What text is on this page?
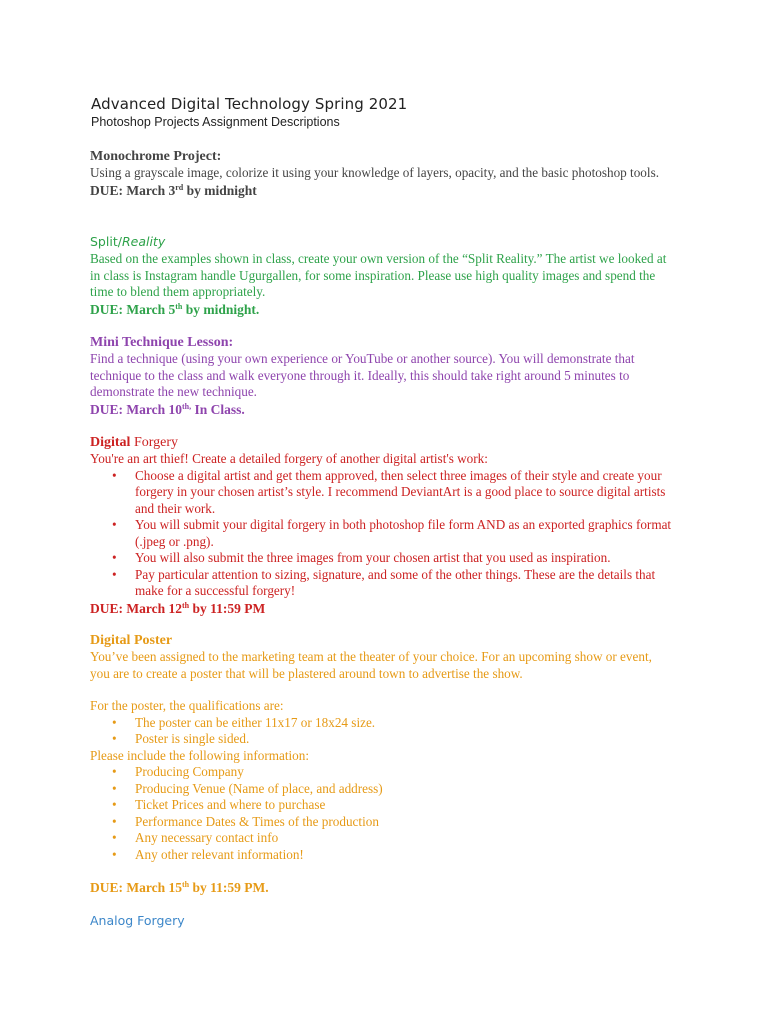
Advanced Digital Technology Spring 2021
Photoshop Projects Assignment Descriptions
Monochrome Project:

Using a grayscale image, colorize it using your knowledge of layers, opacity, and the basic photoshop tools.

DUE: March 3rd by midnight
Split/Reality

Based on the examples shown in class, create your own version of the “Split Reality.” The artist we looked at in class is Instagram handle Ugurgallen, for some inspiration. Please use high quality images and spend the time to blend them appropriately.

DUE: March 5th by midnight.
Mini Technique Lesson:

Find a technique (using your own experience or YouTube or another source). You will demonstrate that technique to the class and walk everyone through it. Ideally, this should take right around 5 minutes to demonstrate the new technique.

DUE: March $10^{th,}$ In Class.
Digital Forgery

You're an art thief! Create a detailed forgery of another digital artist's work:

• Choose a digital artist and get them approved, then select three images of their style and create your forgery in your chosen artist’s style. I recommend DeviantArt is a good place to source digital artists and their work.
• You will submit your digital forgery in both photoshop file form AND as an exported graphics format (.jpeg or .png).
• You will also submit the three images from your chosen artist that you used as inspiration.
• Pay particular attention to sizing, signature, and some of the other things. These are the details that make for a successful forgery!
DUE: March 12th by 11:59 PM
Digital Poster

You’ve been assigned to the marketing team at the theater of your choice. For an upcoming show or event, you are to create a poster that will be plastered around town to advertise the show.

For the poster, the qualifications are:

• The poster can be either 11x17 or 18x24 size.
• Poster is single sided.

Please include the following information:

• Producing Company
• Producing Venue (Name of place, and address)
• Ticket Prices and where to purchase
• Performance Dates & Times of the production
• Any necessary contact info
• Any other relevant information!
DUE: March 15th by 11:59 PM.
Analog Forgery
